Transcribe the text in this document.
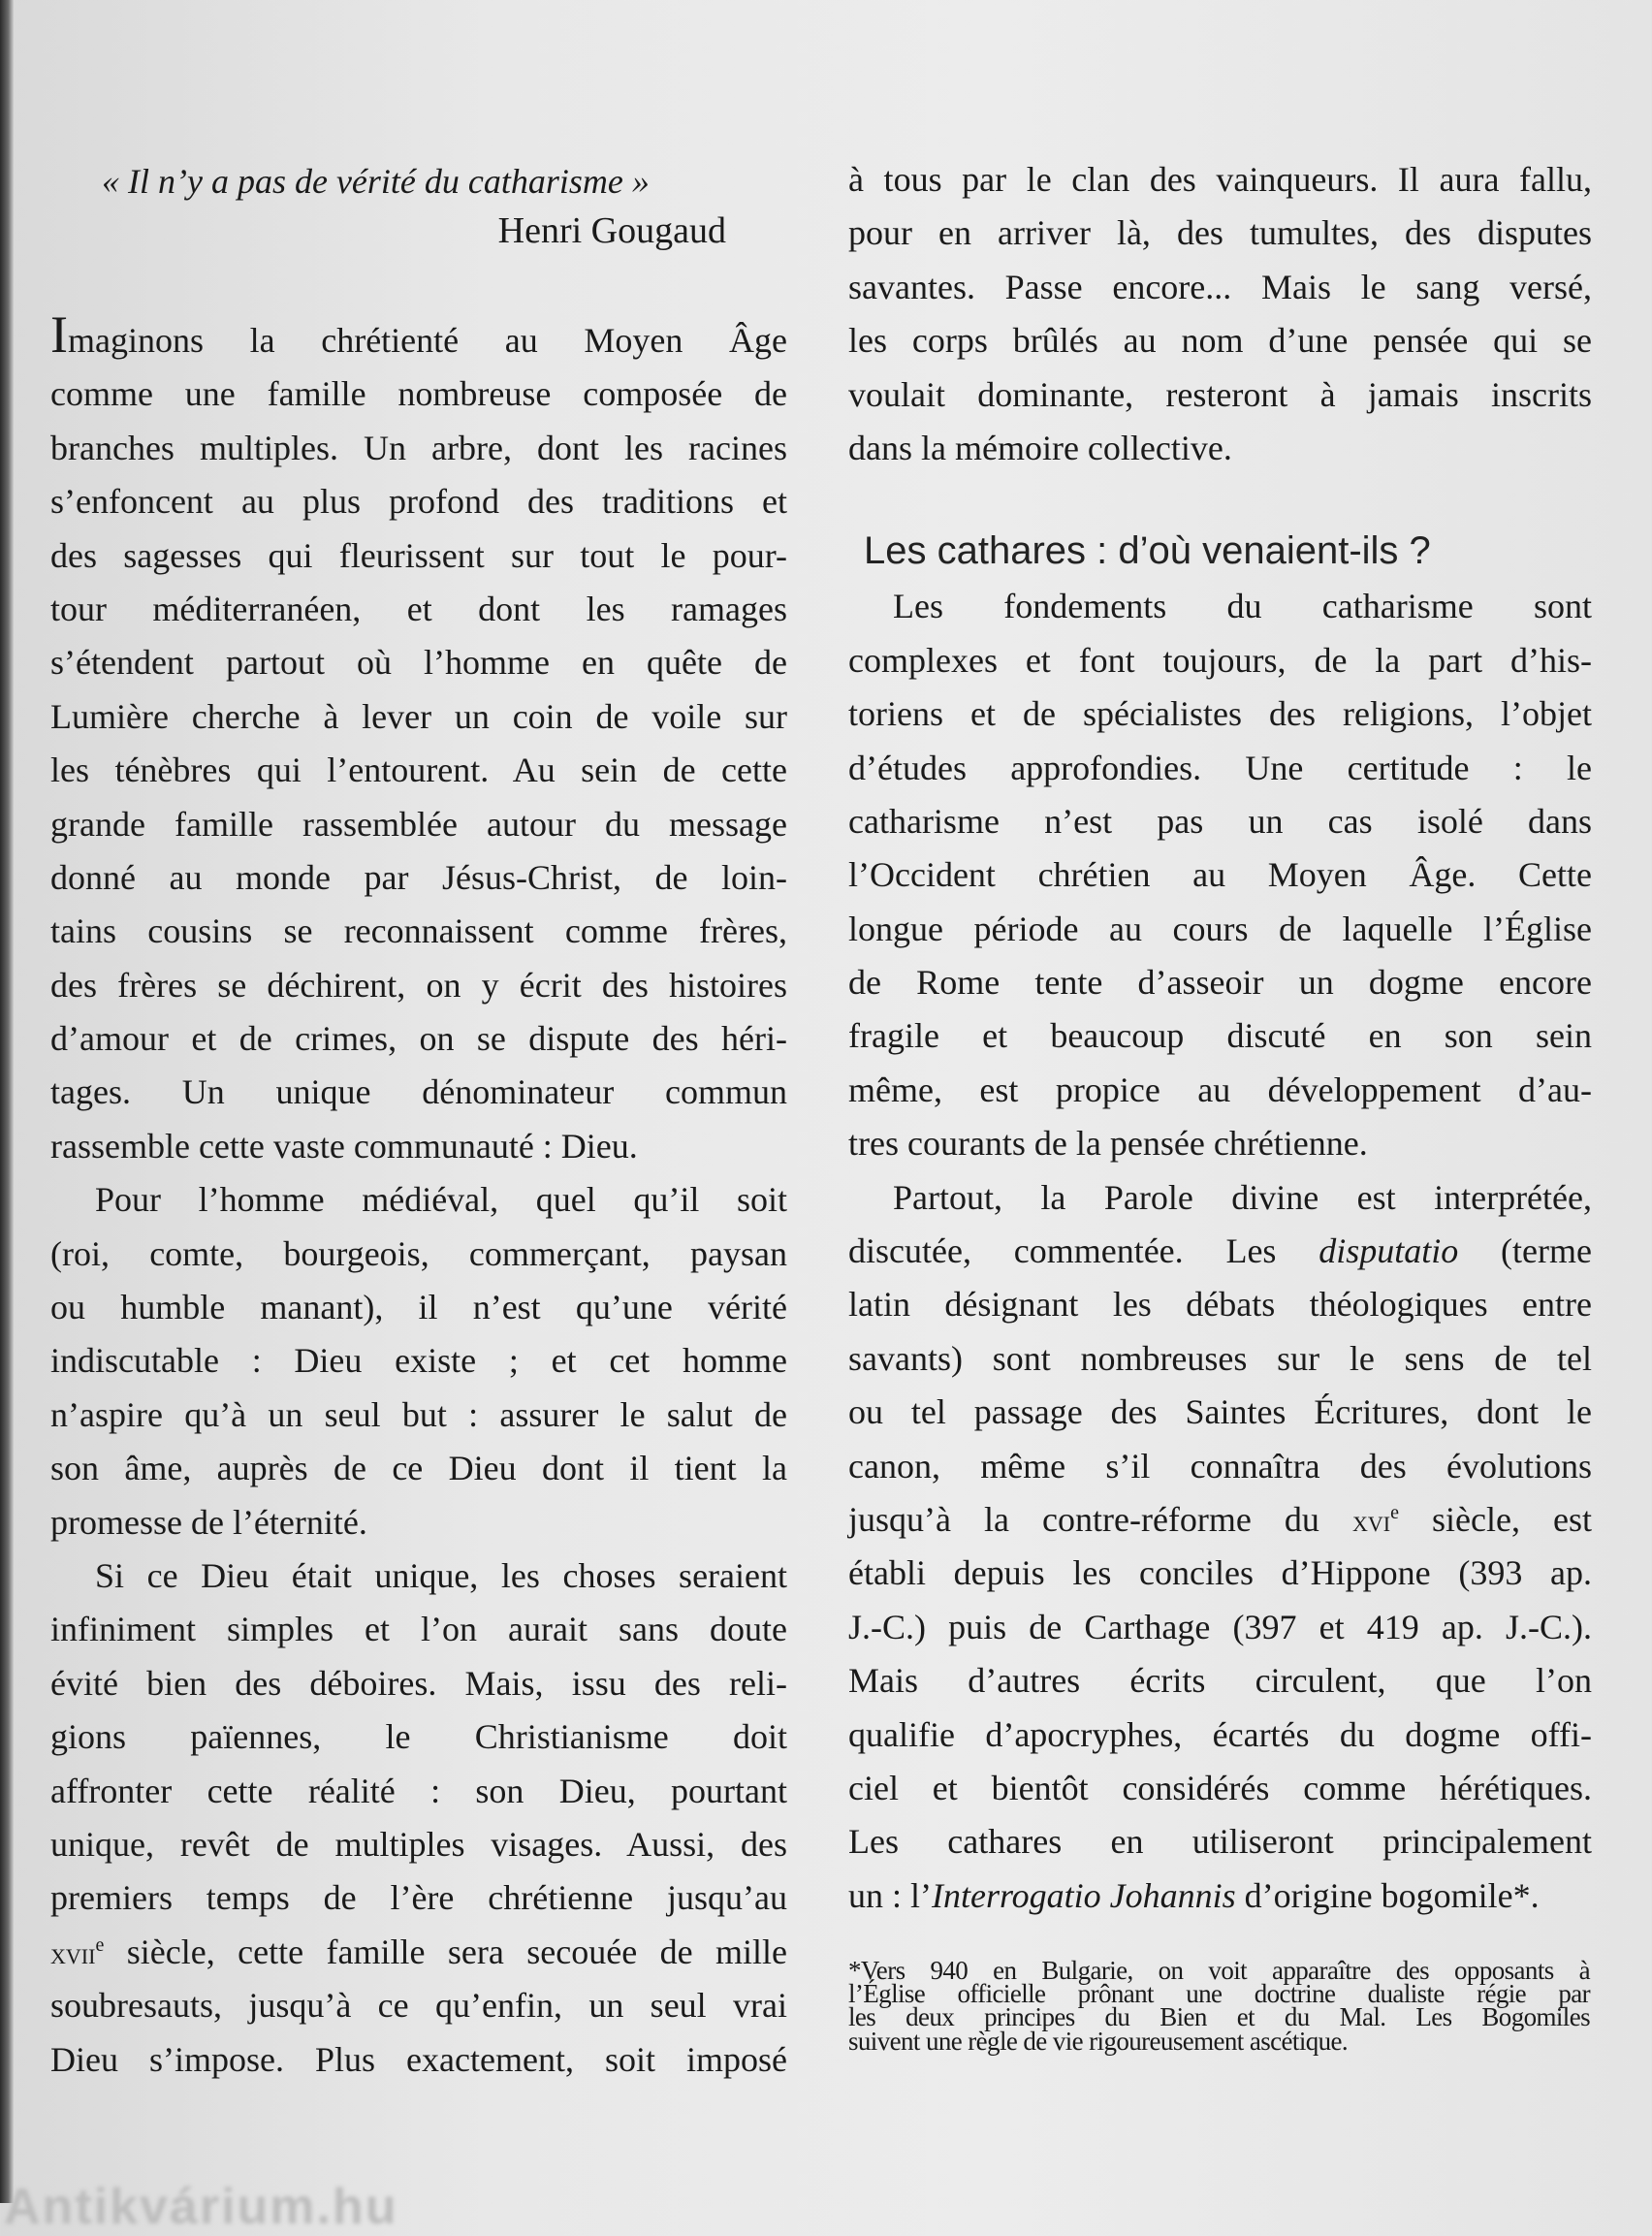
« Il n’y a pas de vérité du catharisme »
Henri Gougaud
Imaginons la chrétienté au Moyen Âge
comme une famille nombreuse composée de
branches multiples. Un arbre, dont les racines
s’enfoncent au plus profond des traditions et
des sagesses qui fleurissent sur tout le pour-
tour méditerranéen, et dont les ramages
s’étendent partout où l’homme en quête de
Lumière cherche à lever un coin de voile sur
les ténèbres qui l’entourent. Au sein de cette
grande famille rassemblée autour du message
donné au monde par Jésus-Christ, de loin-
tains cousins se reconnaissent comme frères,
des frères se déchirent, on y écrit des histoires
d’amour et de crimes, on se dispute des héri-
tages. Un unique dénominateur commun
rassemble cette vaste communauté : Dieu.
Pour l’homme médiéval, quel qu’il soit
(roi, comte, bourgeois, commerçant, paysan
ou humble manant), il n’est qu’une vérité
indiscutable : Dieu existe ; et cet homme
n’aspire qu’à un seul but : assurer le salut de
son âme, auprès de ce Dieu dont il tient la
promesse de l’éternité.
Si ce Dieu était unique, les choses seraient
infiniment simples et l’on aurait sans doute
évité bien des déboires. Mais, issu des reli-
gions païennes, le Christianisme doit
affronter cette réalité : son Dieu, pourtant
unique, revêt de multiples visages. Aussi, des
premiers temps de l’ère chrétienne jusqu’au
xvii$^e$ siècle, cette famille sera secouée de mille
soubresauts, jusqu’à ce qu’enfin, un seul vrai
Dieu s’impose. Plus exactement, soit imposé
à tous par le clan des vainqueurs. Il aura fallu,
pour en arriver là, des tumultes, des disputes
savantes. Passe encore... Mais le sang versé,
les corps brûlés au nom d’une pensée qui se
voulait dominante, resteront à jamais inscrits
dans la mémoire collective.
Les cathares : d’où venaient-ils ?
Les fondements du catharisme sont
complexes et font toujours, de la part d’his-
toriens et de spécialistes des religions, l’objet
d’études approfondies. Une certitude : le
catharisme n’est pas un cas isolé dans
l’Occident chrétien au Moyen Âge. Cette
longue période au cours de laquelle l’Église
de Rome tente d’asseoir un dogme encore
fragile et beaucoup discuté en son sein
même, est propice au développement d’au-
tres courants de la pensée chrétienne.
Partout, la Parole divine est interprétée,
discutée, commentée. Les disputatio (terme
latin désignant les débats théologiques entre
savants) sont nombreuses sur le sens de tel
ou tel passage des Saintes Écritures, dont le
canon, même s’il connaîtra des évolutions
jusqu’à la contre-réforme du xvi$^e$ siècle, est
établi depuis les conciles d’Hippone (393 ap.
J.-C.) puis de Carthage (397 et 419 ap. J.-C.).
Mais d’autres écrits circulent, que l’on
qualifie d’apocryphes, écartés du dogme offi-
ciel et bientôt considérés comme hérétiques.
Les cathares en utiliseront principalement
un : l’Interrogatio Johannis d’origine bogomile*.
*Vers 940 en Bulgarie, on voit apparaître des opposants à
l’Église officielle prônant une doctrine dualiste régie par
les deux principes du Bien et du Mal. Les Bogomiles
suivent une règle de vie rigoureusement ascétique.
Antikvárium.hu
